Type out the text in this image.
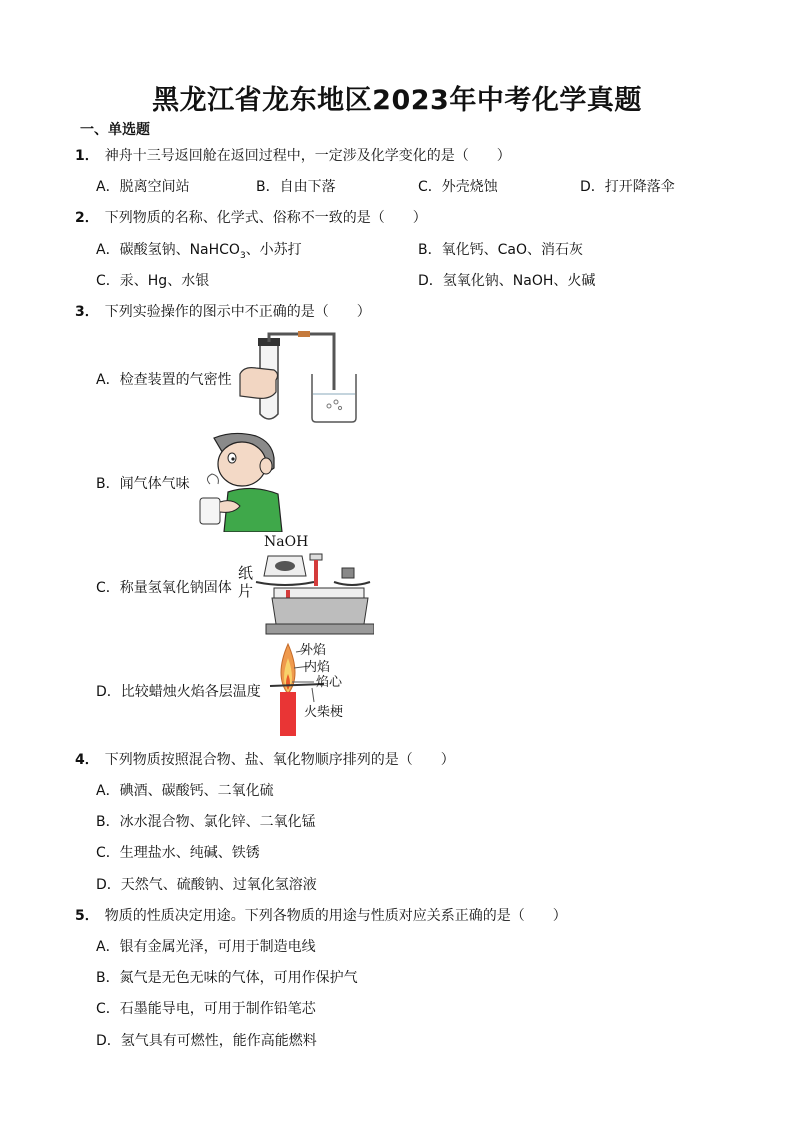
黑龙江省龙东地区2023年中考化学真题
一、单选题
1． 神舟十三号返回舱在返回过程中，一定涉及化学变化的是（　　）
A．脱离空间站	B．自由下落	C．外壳烧蚀	D．打开降落伞
2． 下列物质的名称、化学式、俗称不一致的是（　　）
A．碳酸氢钠、NaHCO$_3$、小苏打	B．氧化钙、CaO、消石灰
C．汞、Hg、水银	D．氢氧化钠、NaOH、火碱
3． 下列实验操作的图示中不正确的是（　　）
A．检查装置的气密性
B．闻气体气味
C．称量氢氧化钠固体
D．比较蜡烛火焰各层温度
NaOH
纸
片
外焰
内焰
焰心
火柴梗
4． 下列物质按照混合物、盐、氧化物顺序排列的是（　　）
A．碘酒、碳酸钙、二氧化硫
B．冰水混合物、氯化锌、二氧化锰
C．生理盐水、纯碱、铁锈
D．天然气、硫酸钠、过氧化氢溶液
5． 物质的性质决定用途。下列各物质的用途与性质对应关系正确的是（　　）
A．银有金属光泽，可用于制造电线
B．氮气是无色无味的气体，可用作保护气
C．石墨能导电，可用于制作铅笔芯
D．氢气具有可燃性，能作高能燃料
